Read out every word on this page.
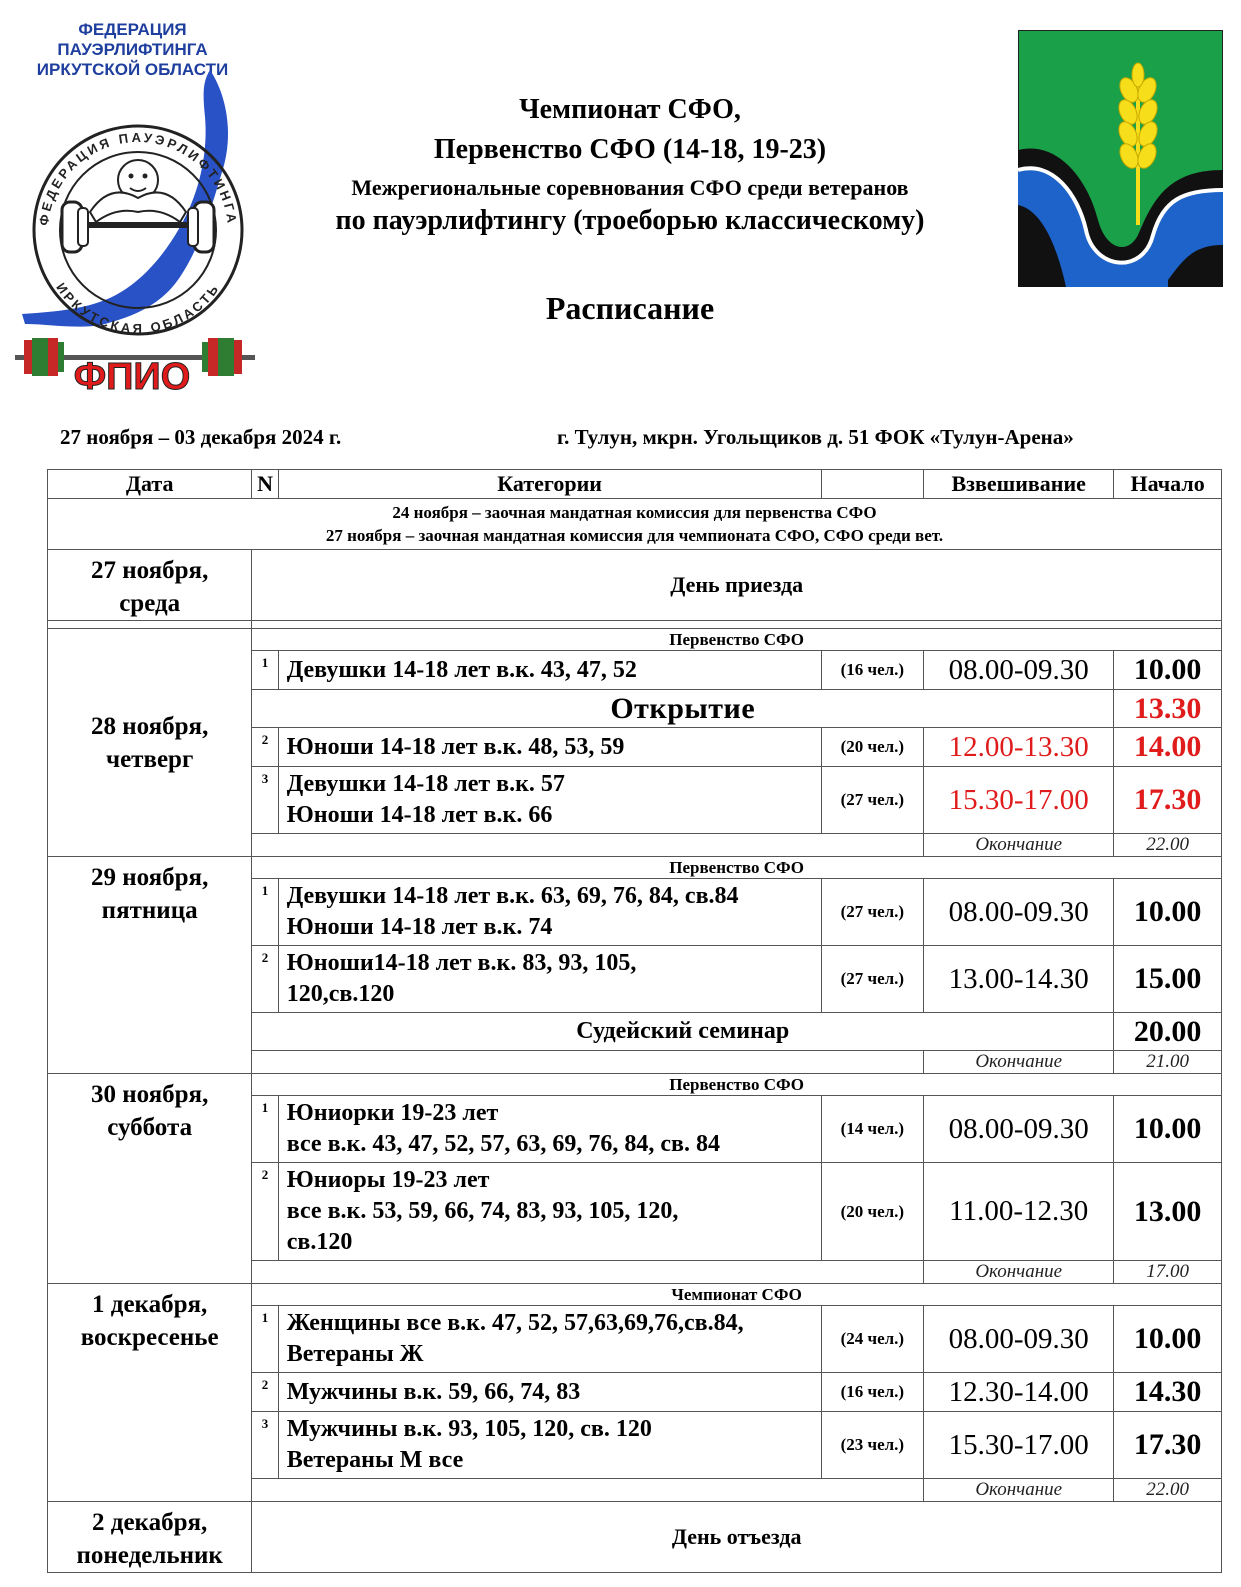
ФЕДЕРАЦИЯ ПАУЭРЛИФТИНГА
ИРКУТСКОЙ ОБЛАСТИ
ФЕДЕРАЦИЯ ПАУЭРЛИФТИНГА
ИРКУТСКАЯ ОБЛАСТЬ
ФПИО
Чемпионат СФО,
Первенство СФО (14-18, 19-23)
Межрегиональные соревнования СФО среди ветеранов
по пауэрлифтингу (троеборью классическому)
Расписание
27 ноября – 03 декабря 2024 г.	г. Тулун, мкрн. Угольщиков д. 51 ФОК «Тулун-Арена»
Дата	N	Категории		Взвешивание	Начало

24 ноября – заочная мандатная комиссия для первенства СФО
27 ноября – заочная мандатная комиссия для чемпионата СФО, СФО среди вет.					

27 ноября,
среда	День приезда				

28 ноября,
четверг	Первенство СФО				
	1	Девушки 14-18 лет в.к. 43, 47, 52	(16 чел.)	08.00-09.30	10.00
	Открытие				13.30
	2	Юноши 14-18 лет в.к. 48, 53, 59	(20 чел.)	12.00-13.30	14.00
	3	Девушки 14-18 лет в.к. 57
Юноши 14-18 лет в.к. 66	(27 чел.)	15.30-17.00	17.30
				Окончание	22.00

29 ноября,
пятница	Первенство СФО				
	1	Девушки 14-18 лет в.к. 63, 69, 76, 84, св.84
Юноши 14-18 лет в.к. 74	(27 чел.)	08.00-09.30	10.00
	2	Юноши14-18 лет в.к. 83, 93, 105,
120,св.120	(27 чел.)	13.00-14.30	15.00
	Судейский семинар				20.00
				Окончание	21.00

30 ноября,
суббота	Первенство СФО				
	1	Юниорки 19-23 лет
все в.к. 43, 47, 52, 57, 63, 69, 76, 84, св. 84	(14 чел.)	08.00-09.30	10.00
	2	Юниоры 19-23 лет
все в.к. 53, 59, 66, 74, 83, 93, 105, 120,
св.120	(20 чел.)	11.00-12.30	13.00
				Окончание	17.00

1 декабря,
воскресенье	Чемпионат СФО				
	1	Женщины все в.к. 47, 52, 57,63,69,76,св.84,
Ветераны Ж	(24 чел.)	08.00-09.30	10.00
	2	Мужчины в.к. 59, 66, 74, 83	(16 чел.)	12.30-14.00	14.30
	3	Мужчины в.к. 93, 105, 120, св. 120
Ветераны М все	(23 чел.)	15.30-17.00	17.30
				Окончание	22.00

2 декабря,
понедельник	День отъезда				
